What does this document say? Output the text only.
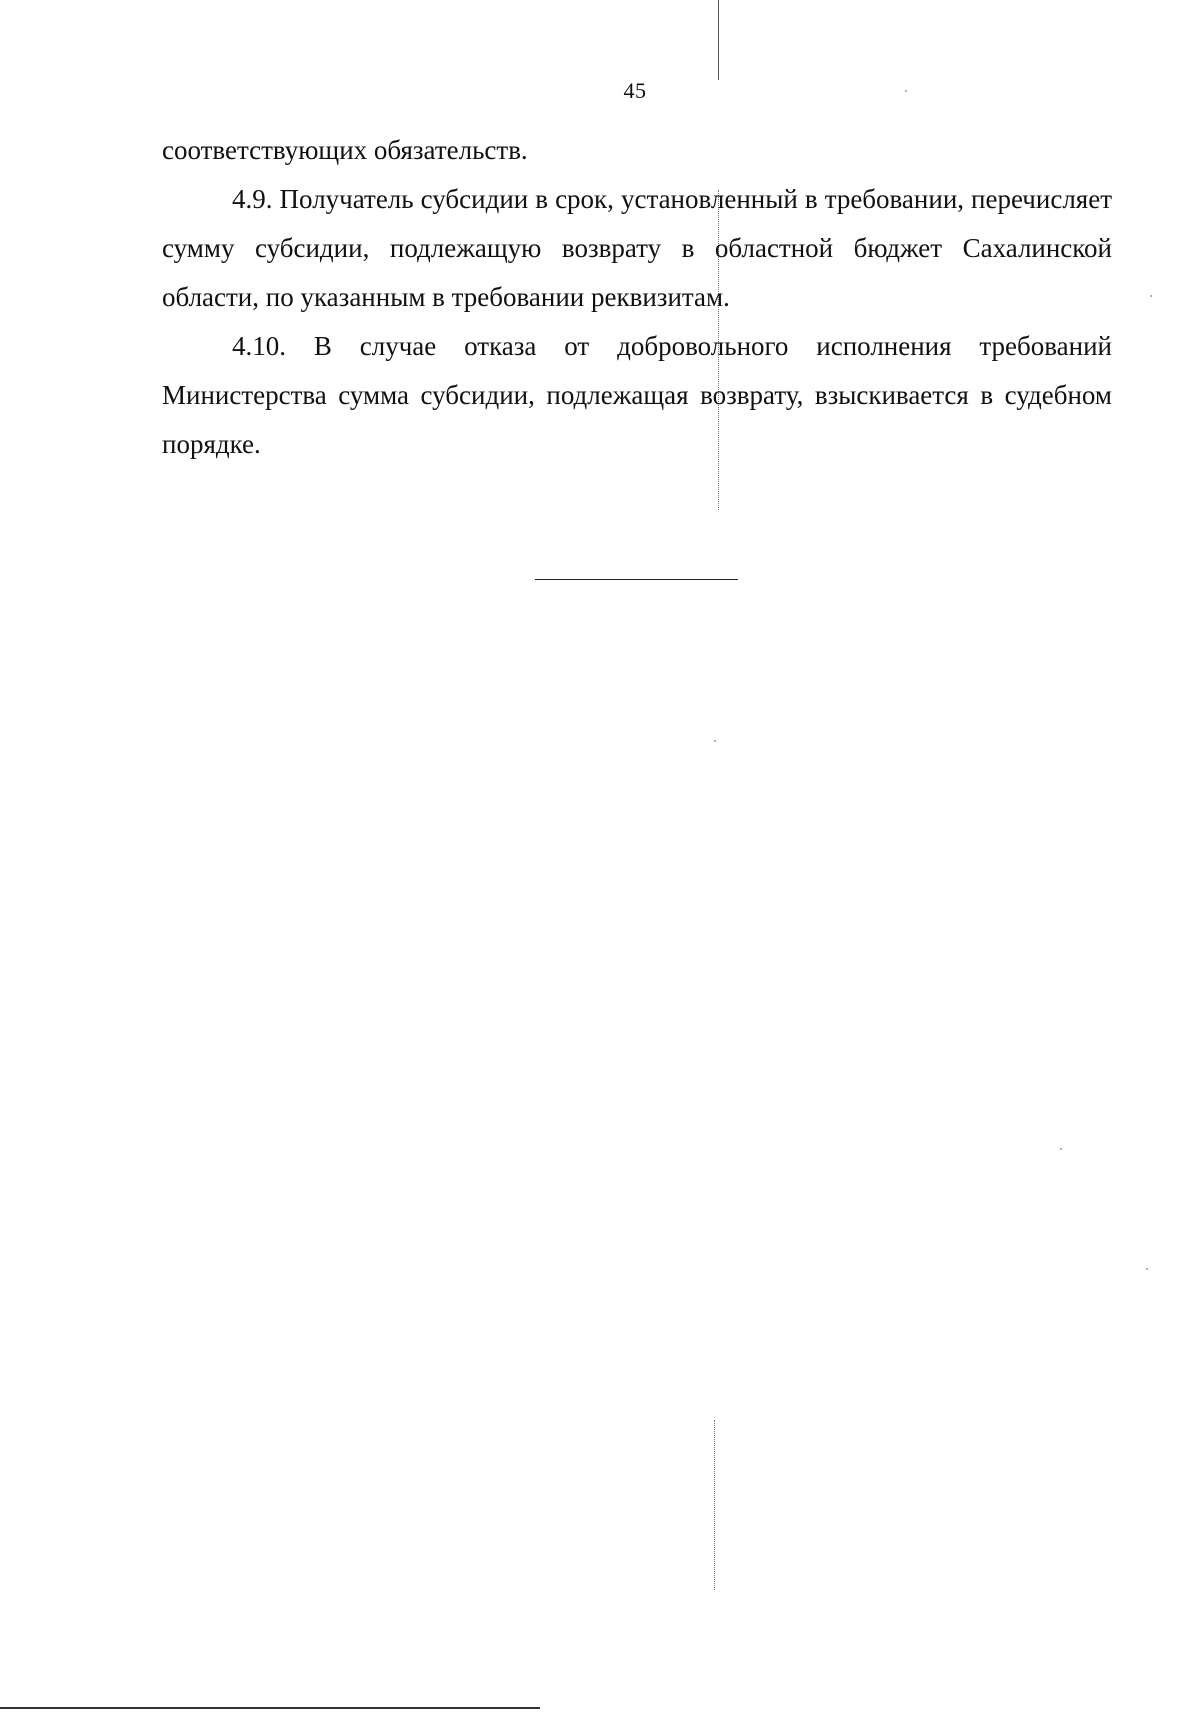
45

соответствующих обязательств.

4.9. Получатель субсидии в срок, установленный в требовании, перечисляет сумму субсидии, подлежащую возврату в областной бюджет Сахалинской области, по указанным в требовании реквизитам.

4.10. В случае отказа от добровольного исполнения требований Министерства сумма субсидии, подлежащая возврату, взыскивается в судебном порядке.
